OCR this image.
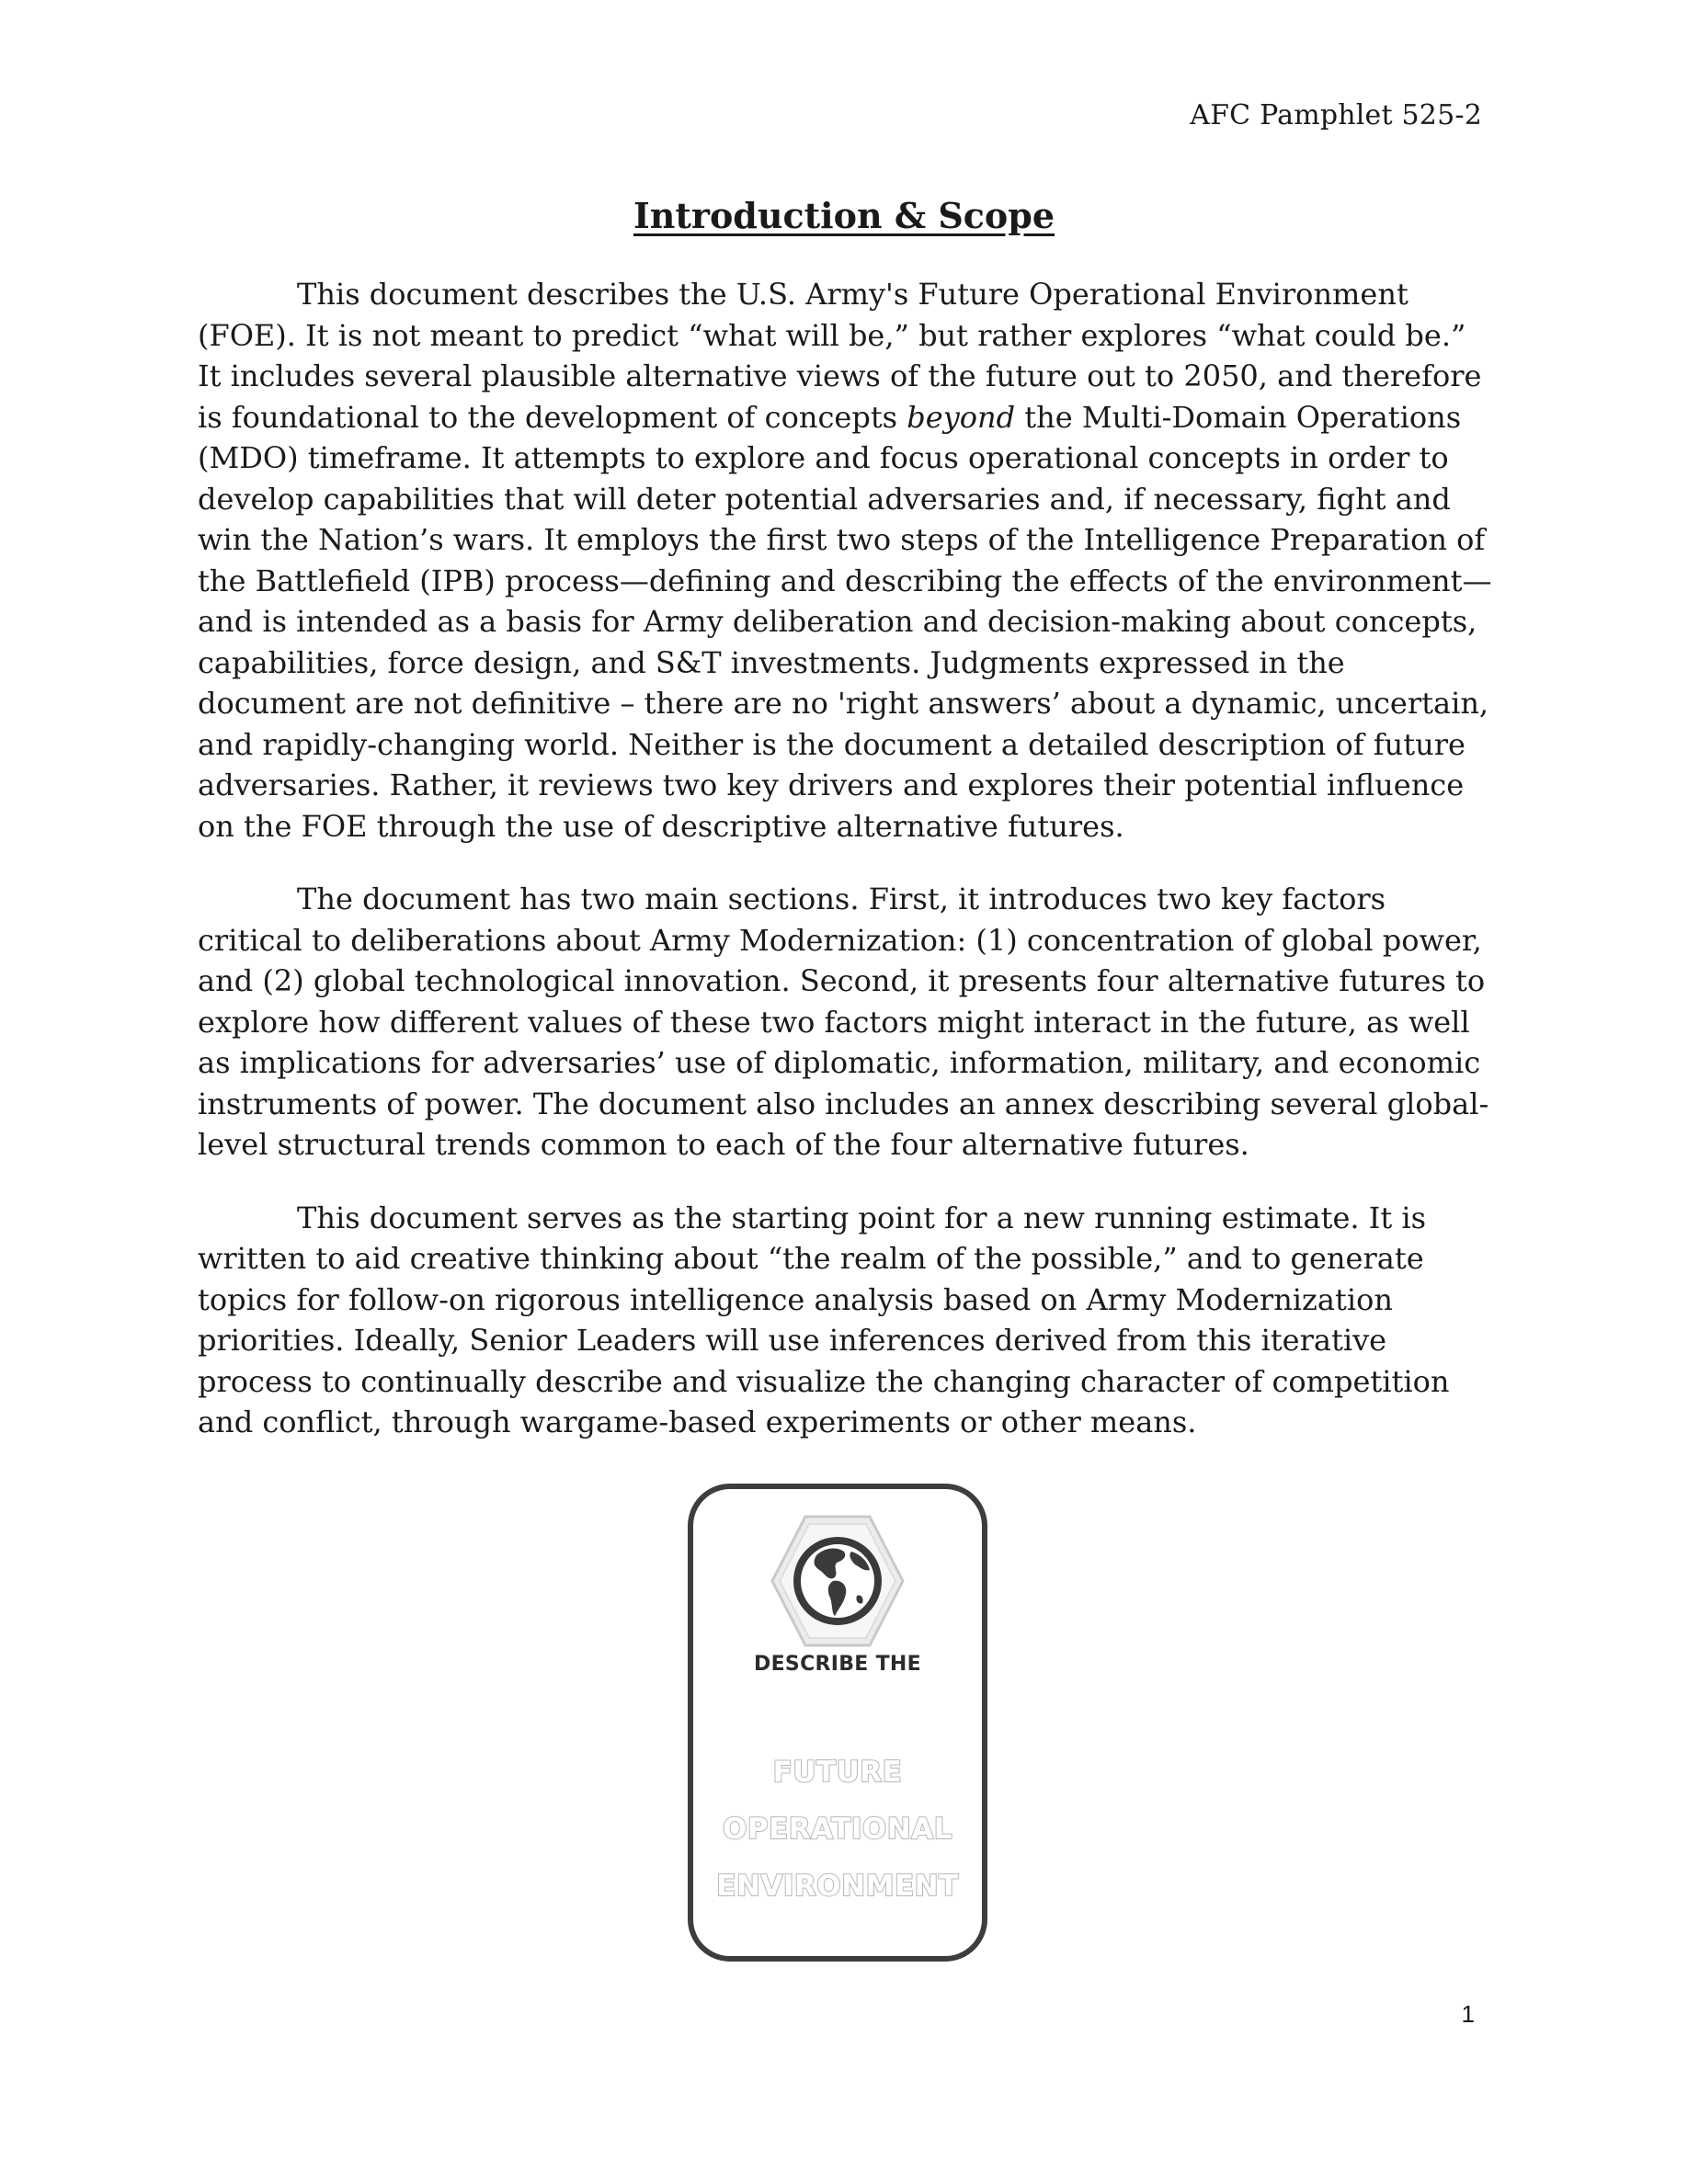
AFC Pamphlet 525-2
Introduction & Scope

This document describes the U.S. Army's Future Operational Environment (FOE). It is not meant to predict “what will be,” but rather explores “what could be.” It includes several plausible alternative views of the future out to 2050, and therefore is foundational to the development of concepts beyond the Multi-Domain Operations (MDO) timeframe. It attempts to explore and focus operational concepts in order to develop capabilities that will deter potential adversaries and, if necessary, fight and win the Nation’s wars. It employs the first two steps of the Intelligence Preparation of the Battlefield (IPB) process—defining and describing the effects of the environment—and is intended as a basis for Army deliberation and decision-making about concepts, capabilities, force design, and S&T investments. Judgments expressed in the document are not definitive – there are no 'right answers’ about a dynamic, uncertain, and rapidly-changing world. Neither is the document a detailed description of future adversaries. Rather, it reviews two key drivers and explores their potential influence on the FOE through the use of descriptive alternative futures.

The document has two main sections. First, it introduces two key factors critical to deliberations about Army Modernization: (1) concentration of global power, and (2) global technological innovation. Second, it presents four alternative futures to explore how different values of these two factors might interact in the future, as well as implications for adversaries’ use of diplomatic, information, military, and economic instruments of power. The document also includes an annex describing several global-level structural trends common to each of the four alternative futures.

This document serves as the starting point for a new running estimate. It is written to aid creative thinking about “the realm of the possible,” and to generate topics for follow-on rigorous intelligence analysis based on Army Modernization priorities. Ideally, Senior Leaders will use inferences derived from this iterative process to continually describe and visualize the changing character of competition and conflict, through wargame-based experiments or other means.

DESCRIBE THE
FUTURE
OPERATIONAL
ENVIRONMENT
1
